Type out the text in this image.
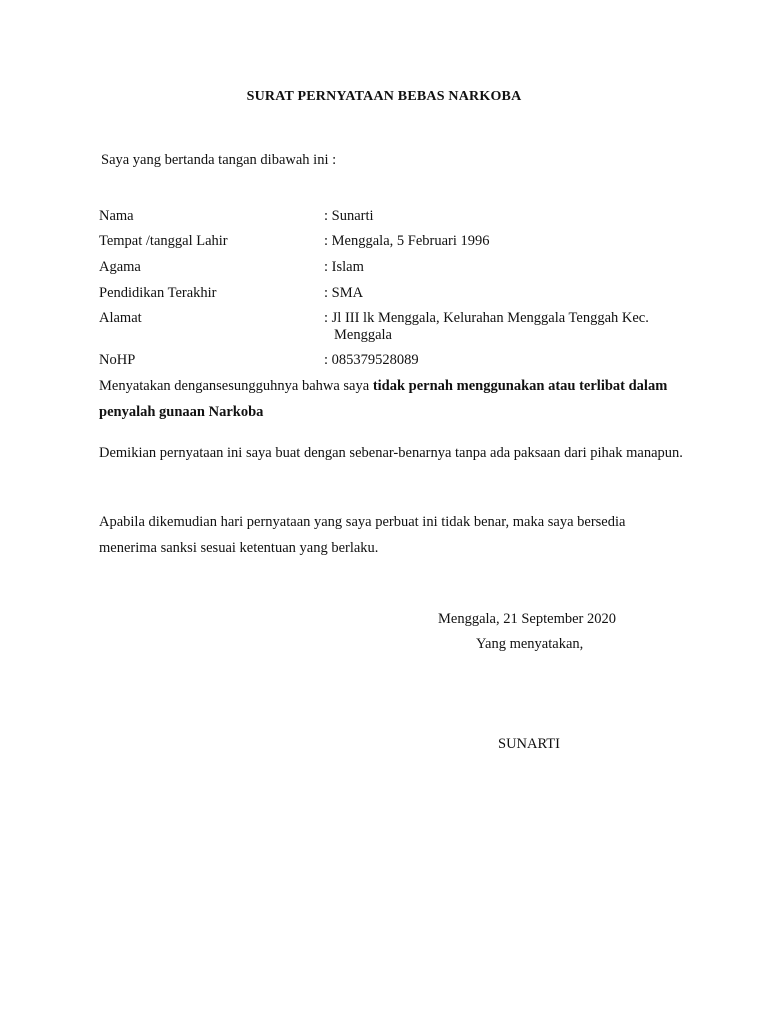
SURAT PERNYATAAN BEBAS NARKOBA
Saya yang bertanda tangan dibawah ini :
Nama	: Sunarti
Tempat /tanggal Lahir	: Menggala, 5 Februari 1996
Agama	: Islam
Pendidikan Terakhir	: SMA
Alamat	: Jl III lk Menggala, Kelurahan Menggala Tenggah Kec.
Menggala
NoHP	: 085379528089
Menyatakan dengansesungguhnya bahwa saya tidak pernah menggunakan atau terlibat dalam penyalah gunaan Narkoba
Demikian pernyataan ini saya buat dengan sebenar-benarnya tanpa ada paksaan dari pihak manapun.
Apabila dikemudian hari pernyataan yang saya perbuat ini tidak benar, maka saya bersedia menerima sanksi sesuai ketentuan yang berlaku.
Menggala, 21 September 2020
Yang menyatakan,
SUNARTI
